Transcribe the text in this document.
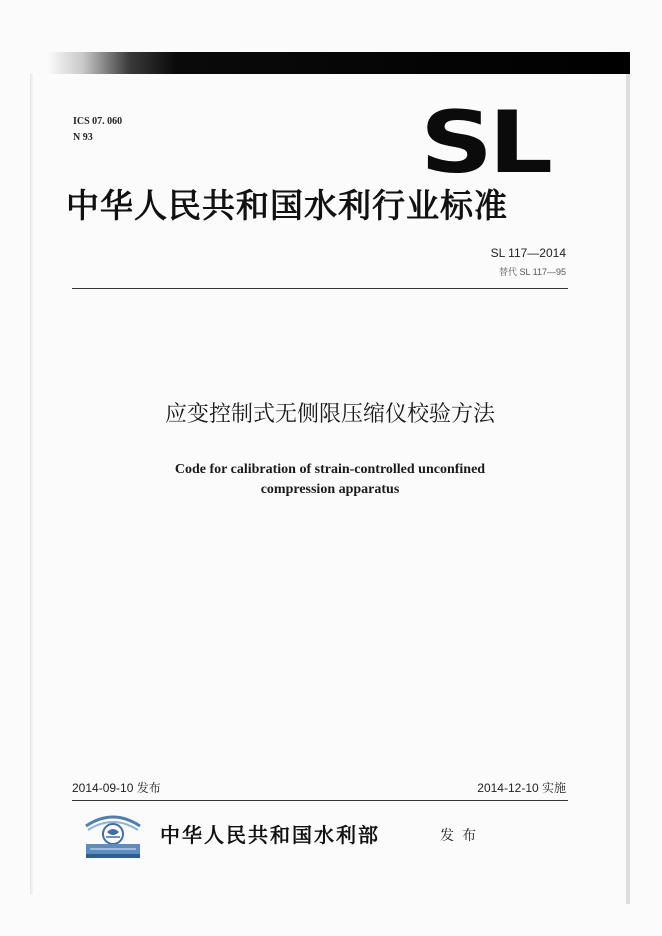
ICS 07. 060
N 93	SL
中华人民共和国水利行业标准
SL 117—2014
替代 SL 117—95
应变控制式无侧限压缩仪校验方法
Code for calibration of strain-controlled unconfined
compression apparatus
2014-09-10 发布	2014-12-10 实施
中华人民共和国水利部	发布
